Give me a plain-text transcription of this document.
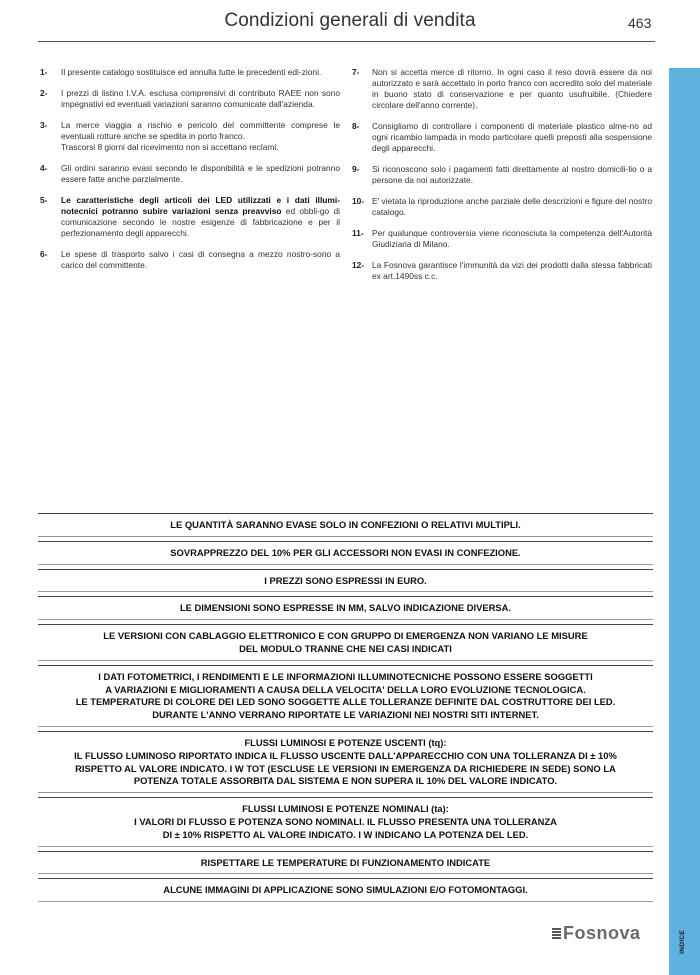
Condizioni generali di vendita	463
INDICE
1- Il presente catalogo sostituisce ed annulla tutte le precedenti edi-zioni.
2- I prezzi di listino I.V.A. esclusa comprensivi di contributo RAEE non sono impegnativi ed eventuali variazioni saranno comunicate dall'azienda.
3- La merce viaggia a rischio e pericolo del committente comprese le eventuali rotture anche se spedita in porto franco.
Trascorsi 8 giorni dal ricevimento non si accettano reclami.
4- Gli ordini saranno evasi secondo le disponibilità e le spedizioni potranno essere fatte anche parzialmente.
5- Le caratteristiche degli articoli dei LED utilizzati e i dati illumi-notecnici potranno subire variazioni senza preavviso ed obbli-go di comunicazione secondo le nostre esigenze di fabbricazione e per il perfezionamento degli apparecchi.
6- Le spese di trasporto salvo i casi di consegna a mezzo nostro-sono a carico del committente.
7- Non si accetta merce di ritorno. In ogni caso il reso dovrà essere da noi autorizzato e sarà accettato in porto franco con accredito solo del materiale in buono stato di conservazione e per quanto usufruibile. (Chiedere circolare dell'anno corrente).
8- Consigliamo di controllare i componenti di materiale plastico alme-no ad ogni ricambio lampada in modo particolare quelli preposti alla sospensione degli apparecchi.
9- Si riconoscono solo i pagamenti fatti direttamente al nostro domicili-lio o a persone da noi autorizzate.
10- E' vietata la riproduzione anche parziale delle descrizioni e figure del nostro catalogo.
11- Per qualunque controversia viene riconosciuta la competenza dell'Autorità Giudiziaria di Milano.
12- La Fosnova garantisce l'immunità da vizi dei prodotti dalla stessa fabbricati ex art.1490ss c.c.
LE QUANTITÀ SARANNO EVASE SOLO IN CONFEZIONI O RELATIVI MULTIPLI.
SOVRAPPREZZO DEL 10% PER GLI ACCESSORI NON EVASI IN CONFEZIONE.
I PREZZI SONO ESPRESSI IN EURO.
LE DIMENSIONI SONO ESPRESSE IN MM, SALVO INDICAZIONE DIVERSA.
LE VERSIONI CON CABLAGGIO ELETTRONICO E CON GRUPPO DI EMERGENZA NON VARIANO LE MISURE
DEL MODULO TRANNE CHE NEI CASI INDICATI
I DATI FOTOMETRICI, I RENDIMENTI E LE INFORMAZIONI ILLUMINOTECNICHE POSSONO ESSERE SOGGETTI
A VARIAZIONI E MIGLIORAMENTI A CAUSA DELLA VELOCITA' DELLA LORO EVOLUZIONE TECNOLOGICA.
LE TEMPERATURE DI COLORE DEI LED SONO SOGGETTE ALLE TOLLERANZE DEFINITE DAL COSTRUTTORE DEI LED.
DURANTE L'ANNO VERRANO RIPORTATE LE VARIAZIONI NEI NOSTRI SITI INTERNET.
FLUSSI LUMINOSI E POTENZE USCENTI (tq):
IL FLUSSO LUMINOSO RIPORTATO INDICA IL FLUSSO USCENTE DALL'APPARECCHIO CON UNA TOLLERANZA DI ± 10%
RISPETTO AL VALORE INDICATO. I W TOT (ESCLUSE LE VERSIONI IN EMERGENZA DA RICHIEDERE IN SEDE) SONO LA
POTENZA TOTALE ASSORBITA DAL SISTEMA E NON SUPERA IL 10% DEL VALORE INDICATO.
FLUSSI LUMINOSI E POTENZE NOMINALI (ta):
I VALORI DI FLUSSO E POTENZA SONO NOMINALI. IL FLUSSO PRESENTA UNA TOLLERANZA
DI ± 10% RISPETTO AL VALORE INDICATO. I W INDICANO LA POTENZA DEL LED.
RISPETTARE LE TEMPERATURE DI FUNZIONAMENTO INDICATE
ALCUNE IMMAGINI DI APPLICAZIONE SONO SIMULAZIONI E/O FOTOMONTAGGI.
Fosnova
